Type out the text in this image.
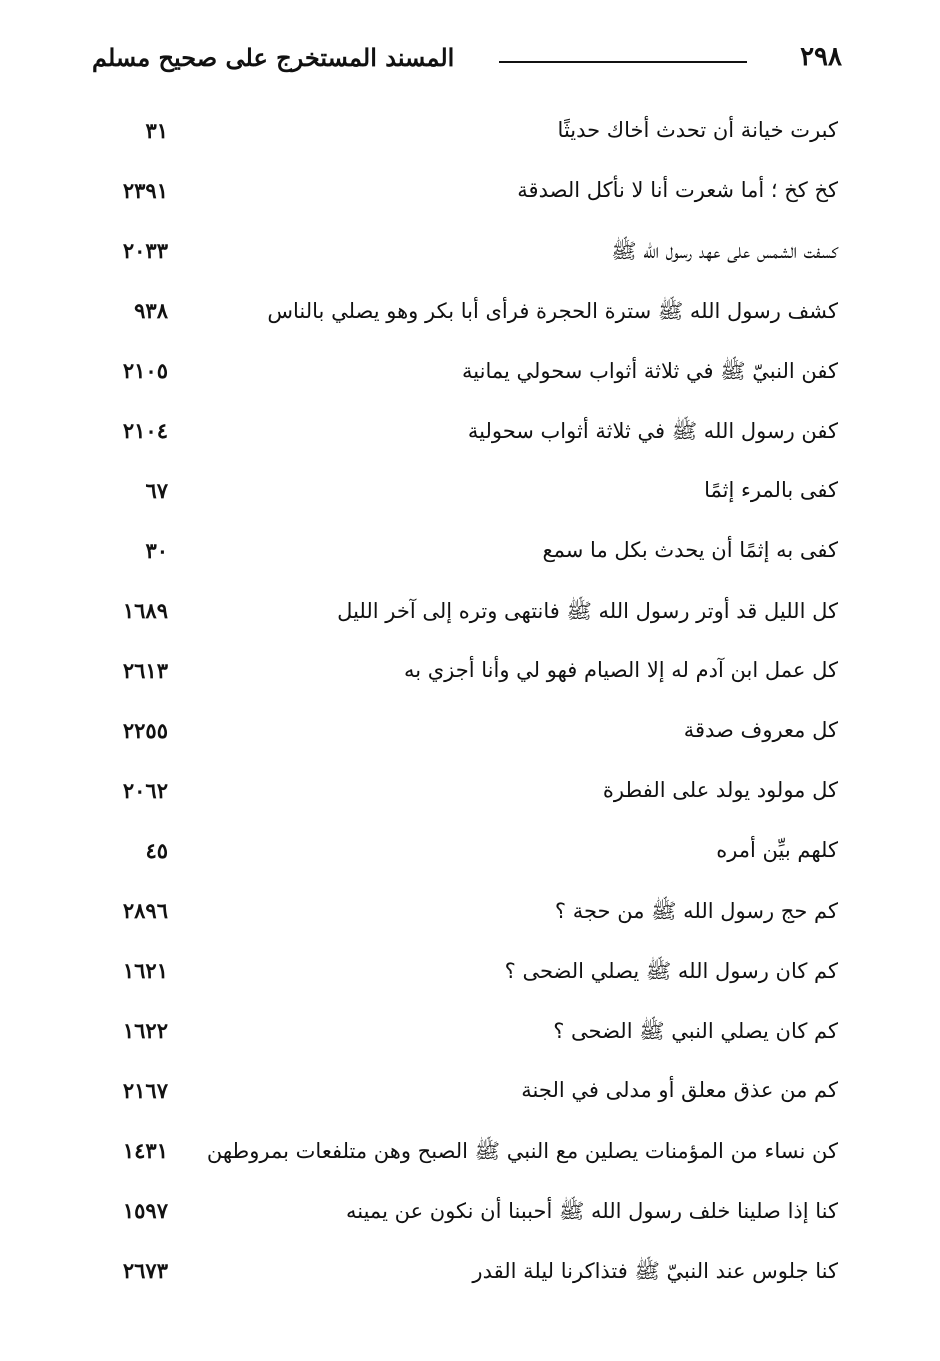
٢٩٨
المسند المستخرج على صحيح مسلم
كبرت خيانة أن تحدث أخاك حديثًا
٣١
كخ كخ ؛ أما شعرت أنا لا نأكل الصدقة
٢٣٩١
كسفت الشمس على عهد رسول الله ﷺ
٢٠٣٣
كشف رسول الله ﷺ سترة الحجرة فرأى أبا بكر وهو يصلي بالناس
٩٣٨
كفن النبيّ ﷺ في ثلاثة أثواب سحولي يمانية
٢١٠٥
كفن رسول الله ﷺ في ثلاثة أثواب سحولية
٢١٠٤
كفى بالمرء إثمًا
٦٧
كفى به إثمًا أن يحدث بكل ما سمع
٣٠
كل الليل قد أوتر رسول الله ﷺ فانتهى وتره إلى آخر الليل
١٦٨٩
كل عمل ابن آدم له إلا الصيام فهو لي وأنا أجزي به
٢٦١٣
كل معروف صدقة
٢٢٥٥
كل مولود يولد على الفطرة
٢٠٦٢
كلهم بيِّن أمره
٤٥
كم حج رسول الله ﷺ من حجة ؟
٢٨٩٦
كم كان رسول الله ﷺ يصلي الضحى ؟
١٦٢١
كم كان يصلي النبي ﷺ الضحى ؟
١٦٢٢
كم من عذق معلق أو مدلى في الجنة
٢١٦٧
كن نساء من المؤمنات يصلين مع النبي ﷺ الصبح وهن متلفعات بمروطهن
١٤٣١
كنا إذا صلينا خلف رسول الله ﷺ أحببنا أن نكون عن يمينه
١٥٩٧
كنا جلوس عند النبيّ ﷺ فتذاكرنا ليلة القدر
٢٦٧٣
